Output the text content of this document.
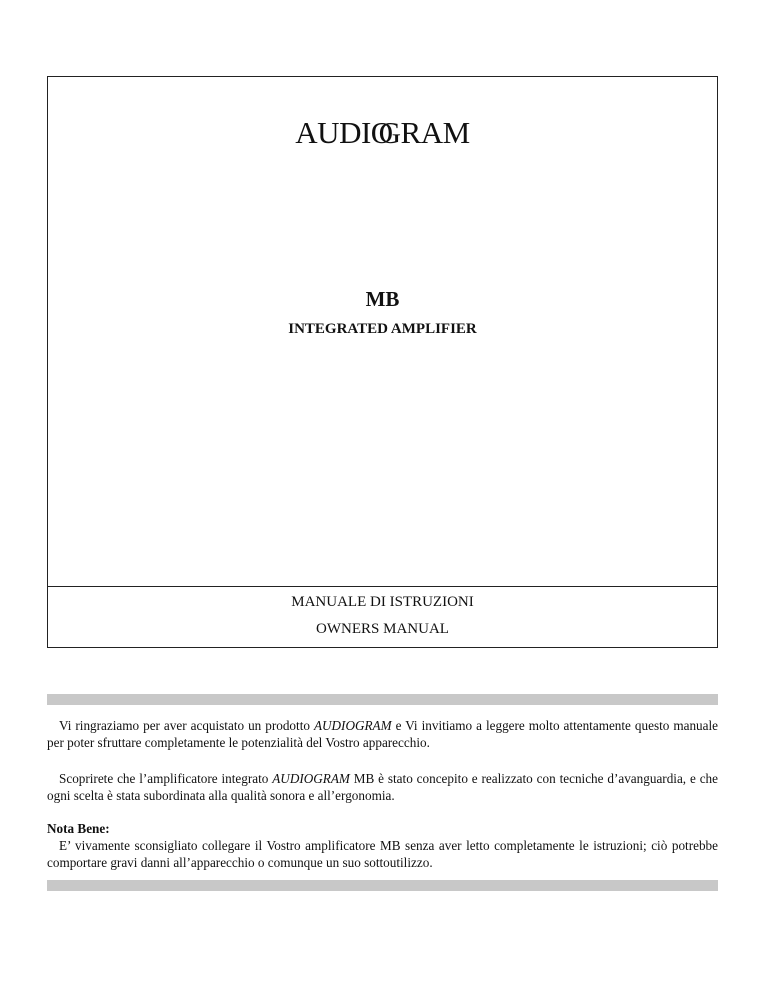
AUDIOGRAM
MB
INTEGRATED AMPLIFIER
MANUALE DI ISTRUZIONI
OWNERS MANUAL

Vi ringraziamo per aver acquistato un prodotto AUDIOGRAM e Vi invitiamo a leggere molto attentamente questo manuale per poter sfruttare completamente le potenzialità del Vostro apparecchio.

Scoprirete che l’amplificatore integrato AUDIOGRAM MB è stato concepito e realizzato con tecniche d’avanguardia, e che ogni scelta è stata subordinata alla qualità sonora e all’ergonomia.

Nota Bene:
E’ vivamente sconsigliato collegare il Vostro amplificatore MB senza aver letto completamente le istruzioni; ciò potrebbe comportare gravi danni all’apparecchio o comunque un suo sottoutilizzo.
